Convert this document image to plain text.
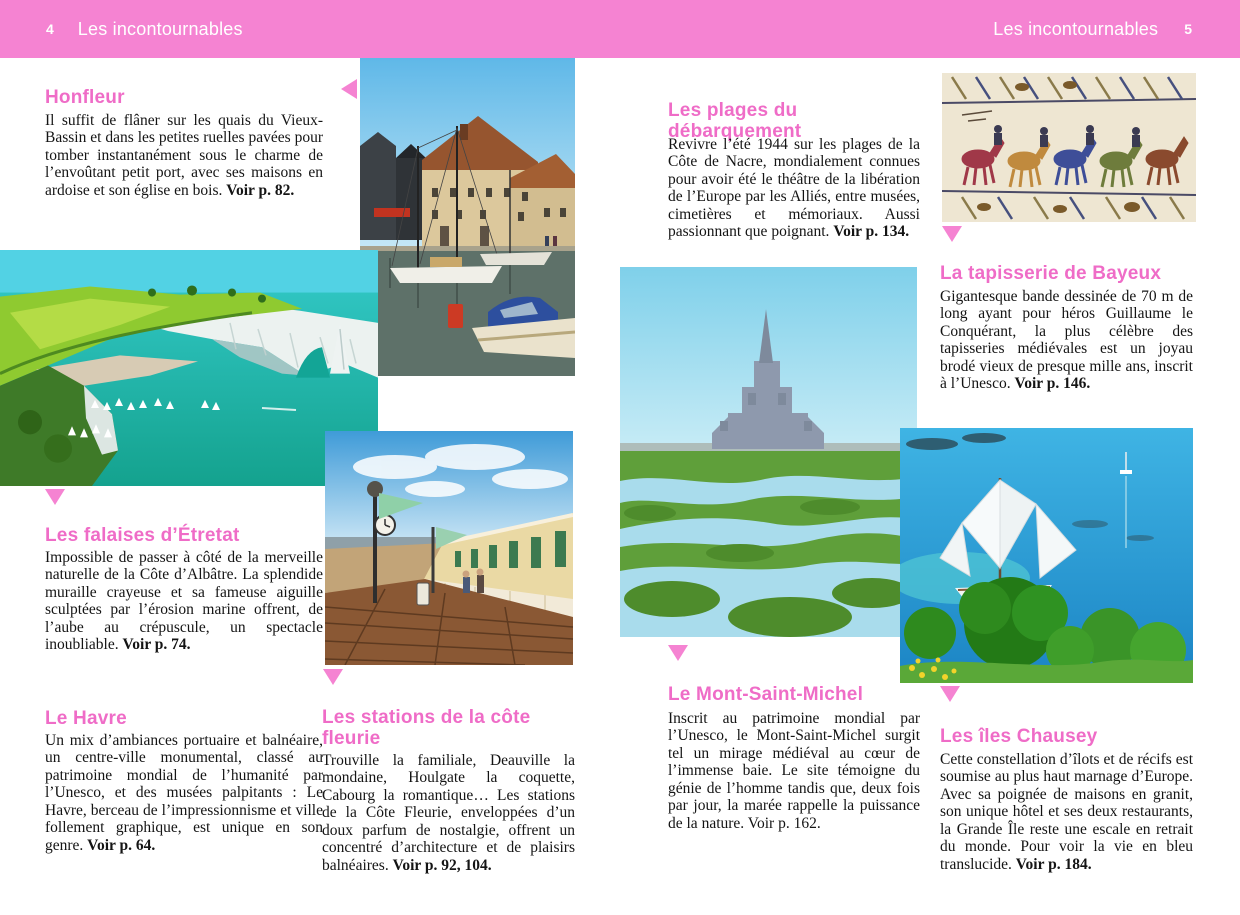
4 Les incontournables	Les incontournables 5
Honfleur

Il suffit de flâner sur les quais du Vieux-Bassin et dans les petites ruelles pavées pour tomber instantanément sous le charme de l’envoûtant petit port, avec ses maisons en ardoise et son église en bois. Voir p. 82.

Les falaises d’Étretat

Impossible de passer à côté de la merveille naturelle de la Côte d’Albâtre. La splendide muraille crayeuse et sa fameuse aiguille sculptées par l’érosion marine offrent, de l’aube au crépuscule, un spectacle inoubliable. Voir p. 74.

Le Havre

Un mix d’ambiances portuaire et balnéaire, un centre-ville monumental, classé au patrimoine mondial de l’humanité par l’Unesco, et des musées palpitants : Le Havre, berceau de l’impressionnisme et ville follement graphique, est unique en son genre. Voir p. 64.

Les stations de la côte fleurie

Trouville la familiale, Deauville la mondaine, Houlgate la coquette, Cabourg la romantique… Les stations de la Côte Fleurie, enveloppées d’un doux parfum de nostalgie, offrent un concentré d’architecture et de plaisirs balnéaires. Voir p. 92, 104.

Les plages du débarquement

Revivre l’été 1944 sur les plages de la Côte de Nacre, mondialement connues pour avoir été le théâtre de la libération de l’Europe par les Alliés, entre musées, cimetières et mémoriaux. Aussi passionnant que poignant. Voir p. 134.

Le Mont-Saint-Michel

Inscrit au patrimoine mondial par l’Unesco, le Mont-Saint-Michel surgit tel un mirage médiéval au cœur de l’immense baie. Le site témoigne du génie de l’homme tandis que, deux fois par jour, la marée rappelle la puissance de la nature. Voir p. 162.

La tapisserie de Bayeux

Gigantesque bande dessinée de 70 m de long ayant pour héros Guillaume le Conquérant, la plus célèbre des tapisseries médiévales est un joyau brodé vieux de presque mille ans, inscrit à l’Unesco. Voir p. 146.

Les îles Chausey

Cette constellation d’îlots et de récifs est soumise au plus haut marnage d’Europe. Avec sa poignée de maisons en granit, son unique hôtel et ses deux restaurants, la Grande Île reste une escale en retrait du monde. Pour voir la vie en bleu translucide. Voir p. 184.
